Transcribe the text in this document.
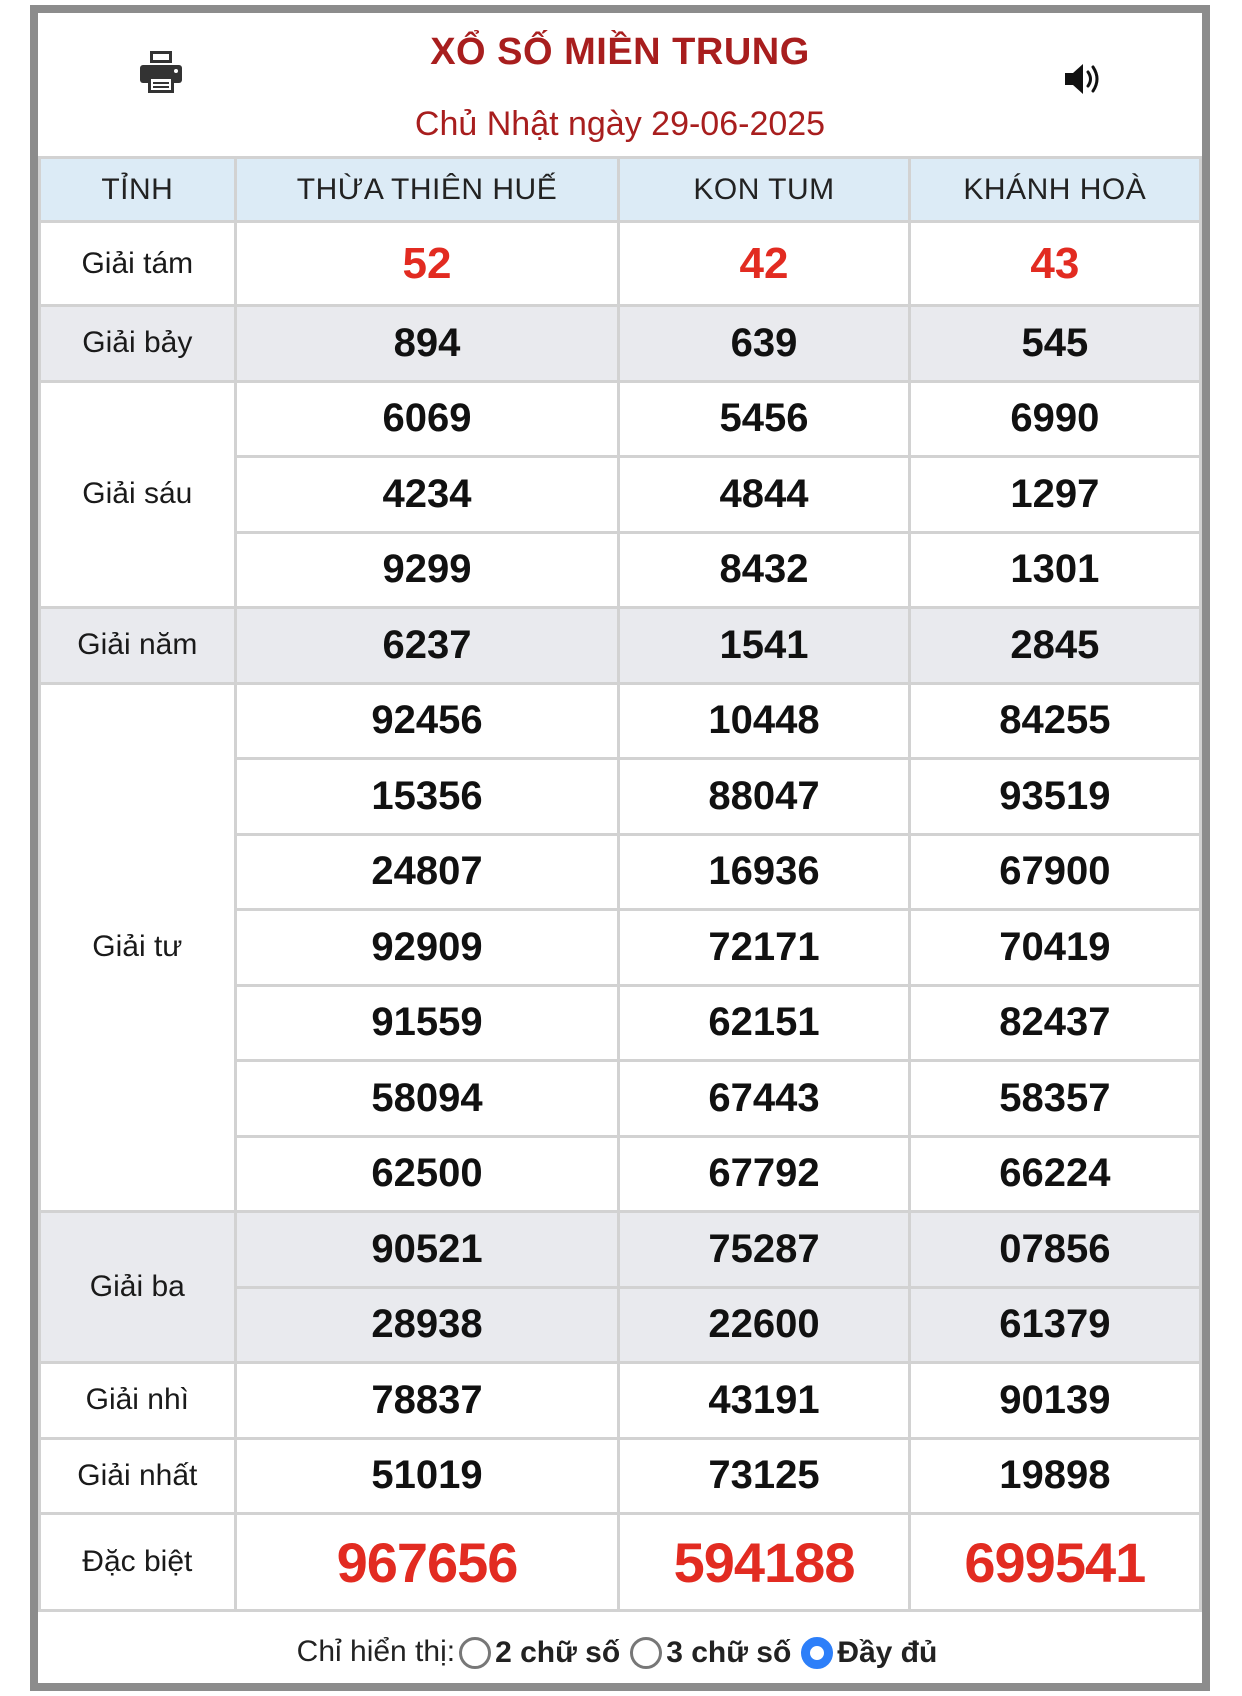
XỔ SỐ MIỀN TRUNG
Chủ Nhật ngày 29-06-2025
TỈNH	THỪA THIÊN HUẾ	KON TUM	KHÁNH HOÀ
Giải tám	52	42	43
Giải bảy	894	639	545
Giải sáu	6069	5456	6990
	4234	4844	1297
	9299	8432	1301
Giải năm	6237	1541	2845
Giải tư	92456	10448	84255
	15356	88047	93519
	24807	16936	67900
	92909	72171	70419
	91559	62151	82437
	58094	67443	58357
	62500	67792	66224
Giải ba	90521	75287	07856
	28938	22600	61379
Giải nhì	78837	43191	90139
Giải nhất	51019	73125	19898
Đặc biệt	967656	594188	699541
Chỉ hiển thị: 2 chữ số 3 chữ số Đầy đủ
